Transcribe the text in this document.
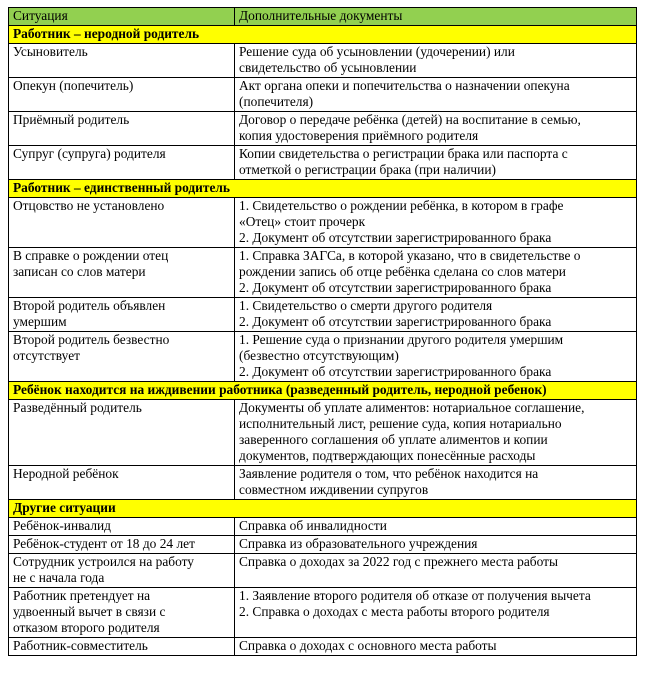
Ситуация	Дополнительные документы
Работник – неродной родитель	

Усыновитель	Решение суда об усыновлении (удочерении) или
свидетельство об усыновлении

Опекун (попечитель)	Акт органа опеки и попечительства о назначении опекуна
(попечителя)

Приёмный родитель	Договор о передаче ребёнка (детей) на воспитание в семью,
копия удостоверения приёмного родителя

Супруг (супруга) родителя	Копии свидетельства о регистрации брака или паспорта с
отметкой о регистрации брака (при наличии)

Работник – единственный родитель	

Отцовство не установлено	1. Свидетельство о рождении ребёнка, в котором в графе
«Отец» стоит прочерк
2. Документ об отсутствии зарегистрированного брака

В справке о рождении отец
записан со слов матери	1. Справка ЗАГСа, в которой указано, что в свидетельстве о
рождении запись об отце ребёнка сделана со слов матери
2. Документ об отсутствии зарегистрированного брака

Второй родитель объявлен
умершим	1. Свидетельство о смерти другого родителя
2. Документ об отсутствии зарегистрированного брака

Второй родитель безвестно
отсутствует	1. Решение суда о признании другого родителя умершим
(безвестно отсутствующим)
2. Документ об отсутствии зарегистрированного брака

Ребёнок находится на иждивении работника (разведенный родитель, неродной ребенок)	

Разведённый родитель	Документы об уплате алиментов: нотариальное соглашение,
исполнительный лист, решение суда, копия нотариально
заверенного соглашения об уплате алиментов и копии
документов, подтверждающих понесённые расходы

Неродной ребёнок	Заявление родителя о том, что ребёнок находится на
совместном иждивении супругов

Другие ситуации	

Ребёнок-инвалид	Справка об инвалидности

Ребёнок-студент от 18 до 24 лет	Справка из образовательного учреждения

Сотрудник устроился на работу
не с начала года	Справка о доходах за 2022 год с прежнего места работы

Работник претендует на
удвоенный вычет в связи с
отказом второго родителя	1. Заявление второго родителя об отказе от получения вычета
2. Справка о доходах с места работы второго родителя

Работник-совместитель	Справка о доходах с основного места работы
